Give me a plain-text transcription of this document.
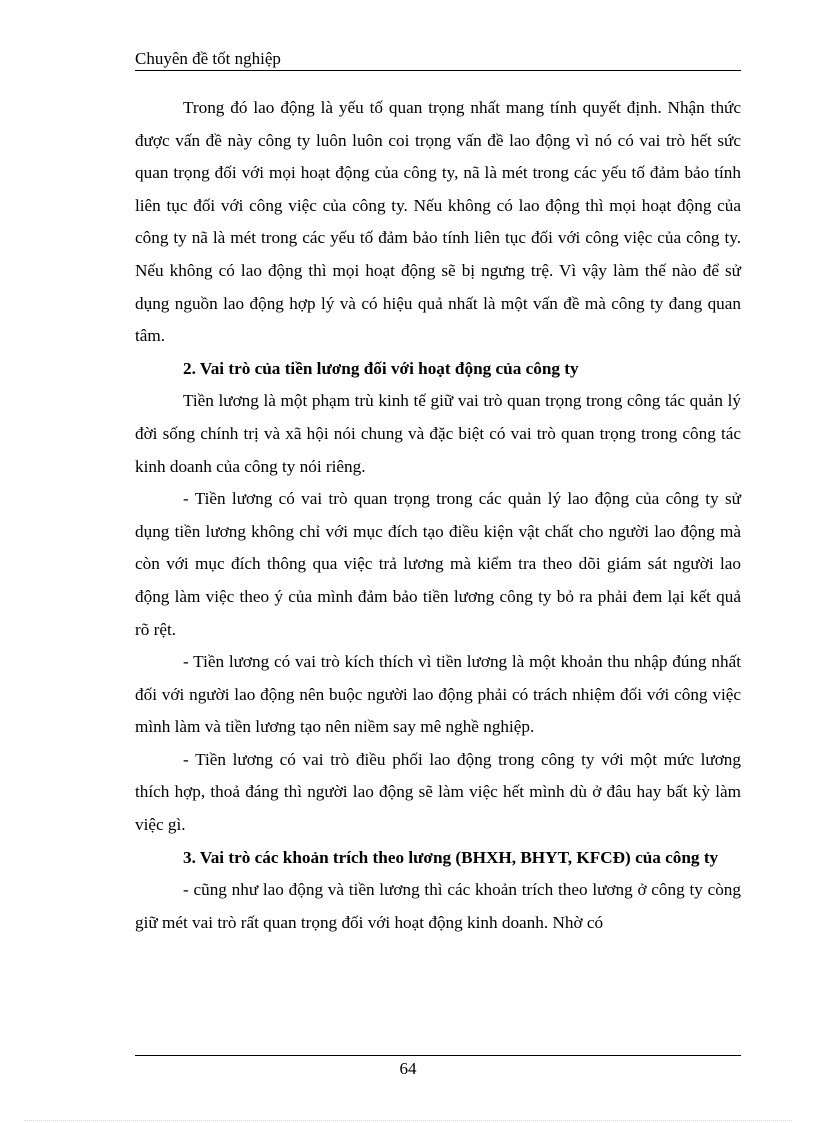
Chuyên đề tốt nghiệp

Trong đó lao động là yếu tố quan trọng nhất mang tính quyết định. Nhận thức được vấn đề này công ty luôn luôn coi trọng vấn đề lao động vì nó có vai trò hết sức quan trọng đối với mọi hoạt động của công ty, nã là mét trong các yếu tố đảm bảo tính liên tục đối với công việc của công ty. Nếu không có lao động thì mọi hoạt động của công ty nã là mét trong các yếu tố đảm bảo tính liên tục đối với công việc của công ty. Nếu không có lao động thì mọi hoạt động sẽ bị ngưng trệ. Vì vậy làm thế nào để sử dụng nguồn lao động hợp lý và có hiệu quả nhất là một vấn đề mà công ty đang quan tâm.

2. Vai trò của tiền lương đối với hoạt động của công ty

Tiền lương là một phạm trù kinh tế giữ vai trò quan trọng trong công tác quản lý đời sống chính trị và xã hội nói chung và đặc biệt có vai trò quan trọng trong công tác kinh doanh của công ty nói riêng.

- Tiền lương có vai trò quan trọng trong các quản lý lao động của công ty sử dụng tiền lương không chỉ với mục đích tạo điều kiện vật chất cho người lao động mà còn với mục đích thông qua việc trả lương mà kiểm tra theo dõi giám sát người lao động làm việc theo ý của mình đảm bảo tiền lương công ty bỏ ra phải đem lại kết quả rõ rệt.

- Tiền lương có vai trò kích thích vì tiền lương là một khoản thu nhập đúng nhất đối với người lao động nên buộc người lao động phải có trách nhiệm đối với công việc mình làm và tiền lương tạo nên niềm say mê nghề nghiệp.

- Tiền lương có vai trò điều phối lao động trong công ty với một mức lương thích hợp, thoả đáng thì người lao động sẽ làm việc hết mình dù ở đâu hay bất kỳ làm việc gì.

3. Vai trò các khoản trích theo lương (BHXH, BHYT, KFCĐ) của công ty

- cũng như lao động và tiền lương thì các khoản trích theo lương ở công ty còng giữ mét vai trò rất quan trọng đối với hoạt động kinh doanh. Nhờ có

64
